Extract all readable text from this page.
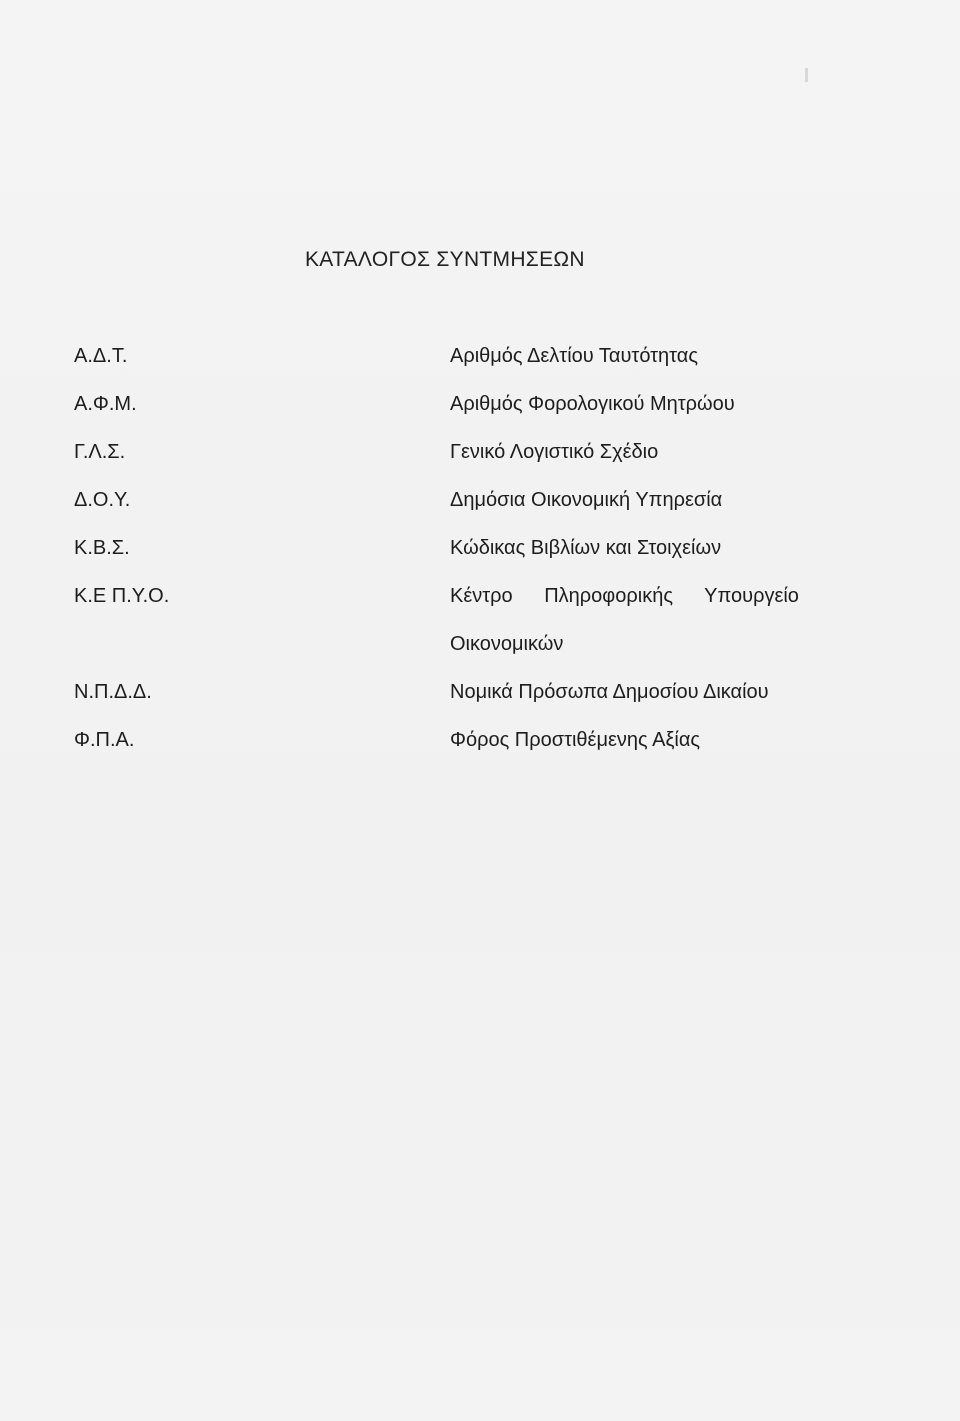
ΚΑΤΑΛΟΓΟΣ ΣΥΝΤΜΗΣΕΩΝ
Α.Δ.Τ.	Αριθμός Δελτίου Ταυτότητας
Α.Φ.Μ.	Αριθμός Φορολογικού Μητρώου
Γ.Λ.Σ.	Γενικό Λογιστικό Σχέδιο
Δ.Ο.Υ.	Δημόσια Οικονομική Υπηρεσία
Κ.Β.Σ.	Κώδικας Βιβλίων και Στοιχείων
Κ.Ε Π.Υ.Ο.	Κέντρο Πληροφορικής Υπουργείο
Οικονομικών
Ν.Π.Δ.Δ.	Νομικά Πρόσωπα Δημοσίου Δικαίου
Φ.Π.Α.	Φόρος Προστιθέμενης Αξίας
